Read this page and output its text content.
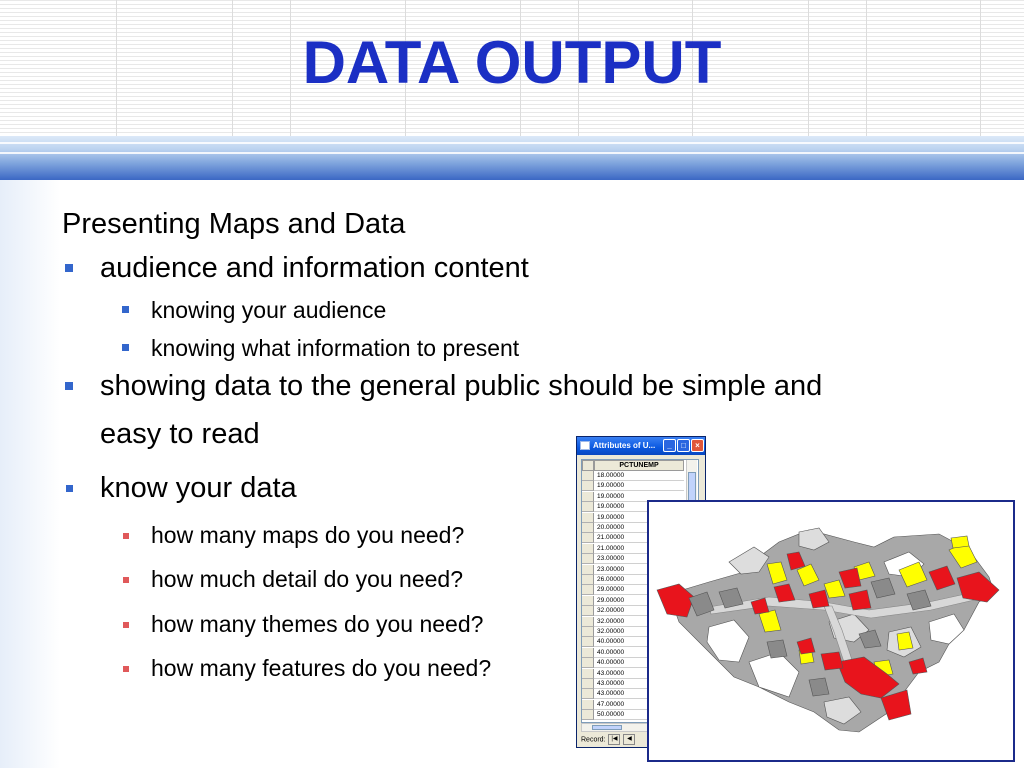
DATA OUTPUT
Presenting Maps and Data
audience and information content
knowing your audience
knowing what information to present
showing data to the general public should be simple and
easy to read
know your data
how many maps do you need?
how much detail do you need?
how many themes do you need?
how many features do you need?
Attributes of U...	_	□	×
PCTUNEMP
18.00000
19.00000
19.00000
19.00000
19.00000
20.00000
21.00000
21.00000
23.00000
23.00000
26.00000
29.00000
29.00000
32.00000
32.00000
32.00000
40.00000
40.00000
40.00000
43.00000
43.00000
43.00000
47.00000
50.00000
Record: |◀ ◀
